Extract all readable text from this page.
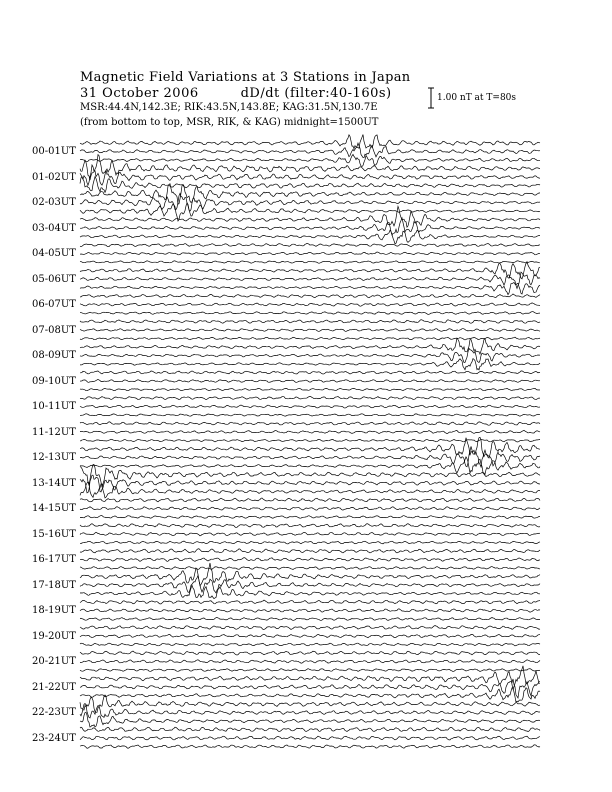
Magnetic Field Variations at 3 Stations in Japan
31 October 2006	dD/dt (filter:40-160s)
MSR:44.4N,142.3E; RIK:43.5N,143.8E; KAG:31.5N,130.7E
(from bottom to top, MSR, RIK, & KAG) midnight=1500UT
1.00 nT at T=80s
00-01UT
01-02UT
02-03UT
03-04UT
04-05UT
05-06UT
06-07UT
07-08UT
08-09UT
09-10UT
10-11UT
11-12UT
12-13UT
13-14UT
14-15UT
15-16UT
16-17UT
17-18UT
18-19UT
19-20UT
20-21UT
21-22UT
22-23UT
23-24UT
